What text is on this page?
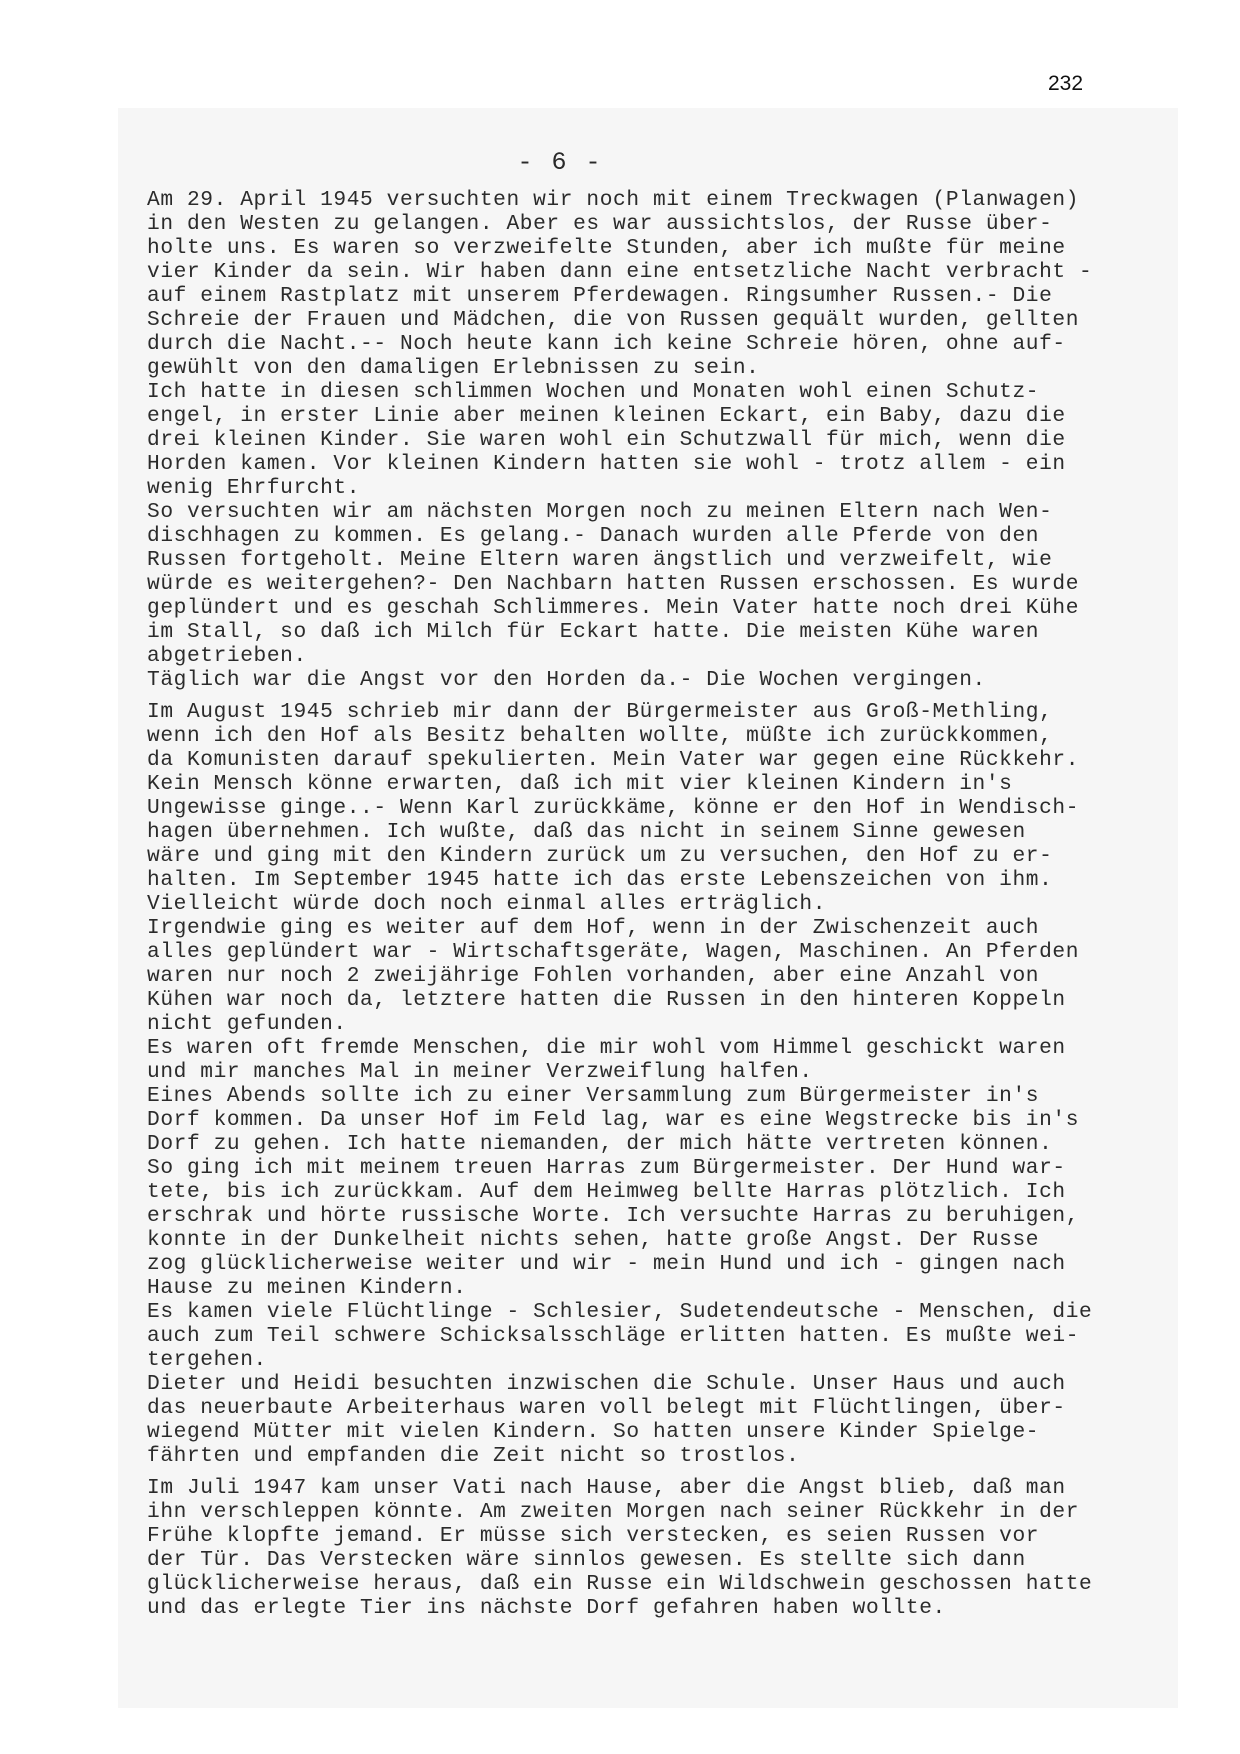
232
- 6 -
Am 29. April 1945 versuchten wir noch mit einem Treckwagen (Planwagen)
in den Westen zu gelangen. Aber es war aussichtslos, der Russe über-
holte uns. Es waren so verzweifelte Stunden, aber ich mußte für meine
vier Kinder da sein. Wir haben dann eine entsetzliche Nacht verbracht -
auf einem Rastplatz mit unserem Pferdewagen. Ringsumher Russen.- Die
Schreie der Frauen und Mädchen, die von Russen gequält wurden, gellten
durch die Nacht.-- Noch heute kann ich keine Schreie hören, ohne auf-
gewühlt von den damaligen Erlebnissen zu sein.
Ich hatte in diesen schlimmen Wochen und Monaten wohl einen Schutz-
engel, in erster Linie aber meinen kleinen Eckart, ein Baby, dazu die
drei kleinen Kinder. Sie waren wohl ein Schutzwall für mich, wenn die
Horden kamen. Vor kleinen Kindern hatten sie wohl - trotz allem - ein
wenig Ehrfurcht.
So versuchten wir am nächsten Morgen noch zu meinen Eltern nach Wen-
dischhagen zu kommen. Es gelang.- Danach wurden alle Pferde von den
Russen fortgeholt. Meine Eltern waren ängstlich und verzweifelt, wie
würde es weitergehen?- Den Nachbarn hatten Russen erschossen. Es wurde
geplündert und es geschah Schlimmeres. Mein Vater hatte noch drei Kühe
im Stall, so daß ich Milch für Eckart hatte. Die meisten Kühe waren
abgetrieben.
Täglich war die Angst vor den Horden da.- Die Wochen vergingen.
Im August 1945 schrieb mir dann der Bürgermeister aus Groß-Methling,
wenn ich den Hof als Besitz behalten wollte, müßte ich zurückkommen,
da Komunisten darauf spekulierten. Mein Vater war gegen eine Rückkehr.
Kein Mensch könne erwarten, daß ich mit vier kleinen Kindern in's
Ungewisse ginge..- Wenn Karl zurückkäme, könne er den Hof in Wendisch-
hagen übernehmen. Ich wußte, daß das nicht in seinem Sinne gewesen
wäre und ging mit den Kindern zurück um zu versuchen, den Hof zu er-
halten. Im September 1945 hatte ich das erste Lebenszeichen von ihm.
Vielleicht würde doch noch einmal alles erträglich.
Irgendwie ging es weiter auf dem Hof, wenn in der Zwischenzeit auch
alles geplündert war - Wirtschaftsgeräte, Wagen, Maschinen. An Pferden
waren nur noch 2 zweijährige Fohlen vorhanden, aber eine Anzahl von
Kühen war noch da, letztere hatten die Russen in den hinteren Koppeln
nicht gefunden.
Es waren oft fremde Menschen, die mir wohl vom Himmel geschickt waren
und mir manches Mal in meiner Verzweiflung halfen.
Eines Abends sollte ich zu einer Versammlung zum Bürgermeister in's
Dorf kommen. Da unser Hof im Feld lag, war es eine Wegstrecke bis in's
Dorf zu gehen. Ich hatte niemanden, der mich hätte vertreten können.
So ging ich mit meinem treuen Harras zum Bürgermeister. Der Hund war-
tete, bis ich zurückkam. Auf dem Heimweg bellte Harras plötzlich. Ich
erschrak und hörte russische Worte. Ich versuchte Harras zu beruhigen,
konnte in der Dunkelheit nichts sehen, hatte große Angst. Der Russe
zog glücklicherweise weiter und wir - mein Hund und ich - gingen nach
Hause zu meinen Kindern.
Es kamen viele Flüchtlinge - Schlesier, Sudetendeutsche - Menschen, die
auch zum Teil schwere Schicksalsschläge erlitten hatten. Es mußte wei-
tergehen.
Dieter und Heidi besuchten inzwischen die Schule. Unser Haus und auch
das neuerbaute Arbeiterhaus waren voll belegt mit Flüchtlingen, über-
wiegend Mütter mit vielen Kindern. So hatten unsere Kinder Spielge-
fährten und empfanden die Zeit nicht so trostlos.
Im Juli 1947 kam unser Vati nach Hause, aber die Angst blieb, daß man
ihn verschleppen könnte. Am zweiten Morgen nach seiner Rückkehr in der
Frühe klopfte jemand. Er müsse sich verstecken, es seien Russen vor
der Tür. Das Verstecken wäre sinnlos gewesen. Es stellte sich dann
glücklicherweise heraus, daß ein Russe ein Wildschwein geschossen hatte
und das erlegte Tier ins nächste Dorf gefahren haben wollte.
